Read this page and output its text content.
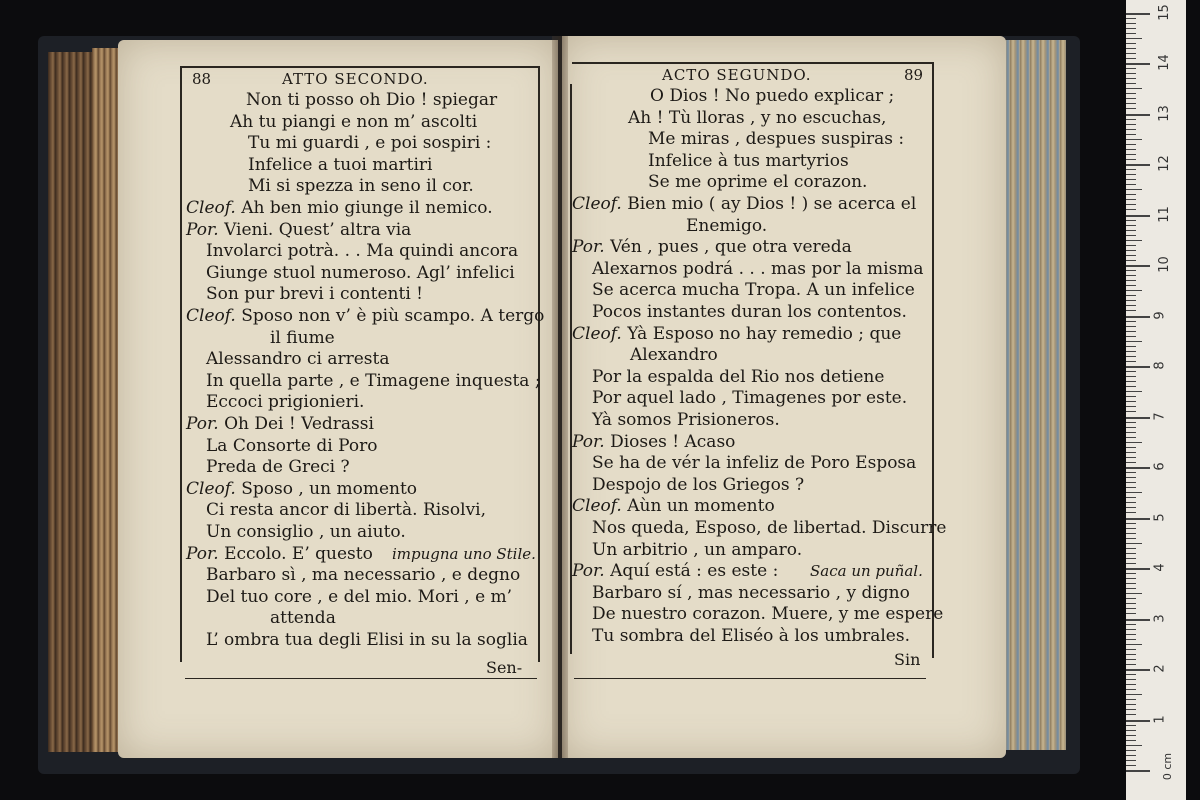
88	ATTO SECONDO.
Non ti posso oh Dio ! spiegar
Ah tu piangi e non m’ ascolti
Tu mi guardi , e poi sospiri :
Infelice a tuoi martiri
Mi si spezza in seno il cor.
Cleof. Ah ben mio giunge il nemico.
Por. Vieni. Quest’ altra via
Involarci potrà. . . Ma quindi ancora
Giunge stuol numeroso. Agl’ infelici
Son pur brevi i contenti !
Cleof. Sposo non v’ è più scampo. A tergo
il fiume
Alessandro ci arresta
In quella parte , e Timagene inquesta ;
Eccoci prigionieri.
Por. Oh Dei ! Vedrassi
La Consorte di Poro
Preda de Greci ?
Cleof. Sposo , un momento
Ci resta ancor di libertà. Risolvi,
Un consiglio , un aiuto.
Por. Eccolo. E’ questo impugna uno Stile.
Barbaro sì , ma necessario , e degno
Del tuo core , e del mio. Mori , e m’
attenda
L’ ombra tua degli Elisi in su la soglia
Sen-
ACTO SEGUNDO.	89
O Dios ! No puedo explicar ;
Ah ! Tù lloras , y no escuchas,
Me miras , despues suspiras :
Infelice à tus martyrios
Se me oprime el corazon.
Cleof. Bien mio ( ay Dios ! ) se acerca el
Enemigo.
Por. Vén , pues , que otra vereda
Alexarnos podrá . . . mas por la misma
Se acerca mucha Tropa. A un infelice
Pocos instantes duran los contentos.
Cleof. Yà Esposo no hay remedio ; que
Alexandro
Por la espalda del Rio nos detiene
Por aquel lado , Timagenes por este.
Yà somos Prisioneros.
Por. Dioses ! Acaso
Se ha de vér la infeliz de Poro Esposa
Despojo de los Griegos ?
Cleof. Aùn un momento
Nos queda, Esposo, de libertad. Discurre
Un arbitrio , un amparo.
Por. Aquí está : es este : Saca un puñal.
Barbaro sí , mas necessario , y digno
De nuestro corazon. Muere, y me espere
Tu sombra del Eliséo à los umbrales.
Sin
1
2
3
4
5
6
7
8
9
10
11
12
13
14
15
0 cm
